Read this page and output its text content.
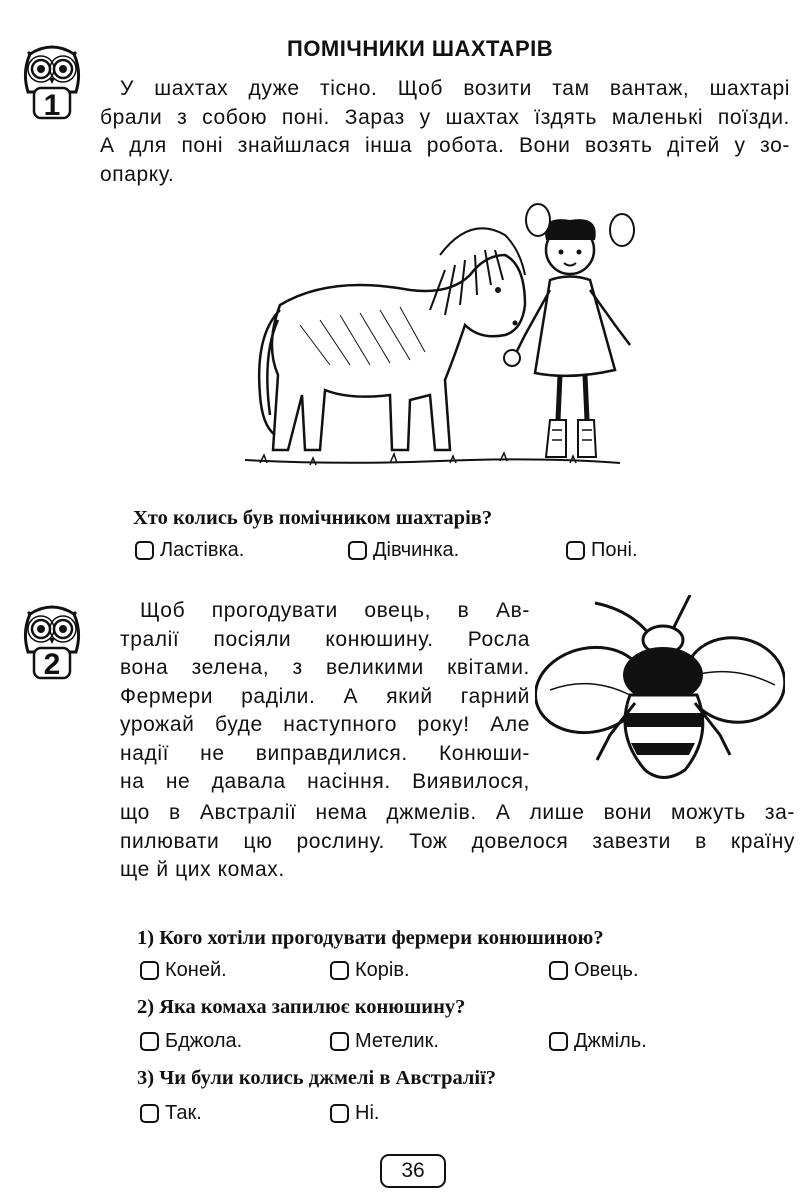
ПОМІЧНИКИ ШАХТАРІВ
1
У шахтах дуже тісно. Щоб возити там вантаж, шахтарі
брали з собою поні. Зараз у шахтах їздять маленькі поїзди.
А для поні знайшлася інша робота. Вони возять дітей у зо-
опарку.
Хто колись був помічником шахтарів?
Ластівка.	Дівчинка.	Поні.
2
Щоб прогодувати овець, в Ав-
тралії посіяли конюшину. Росла
вона зелена, з великими квітами.
Фермери раділи. А який гарний
урожай буде наступного року! Але
надії не виправдилися. Конюши-
на не давала насіння. Виявилося,
що в Австралії нема джмелів. А лише вони можуть за-
пилювати цю рослину. Тож довелося завезти в країну
ще й цих комах.
1) Кого хотіли прогодувати фермери конюшиною?
Коней.	Корів.	Овець.
2) Яка комаха запилює конюшину?
Бджола.	Метелик.	Джміль.
3) Чи були колись джмелі в Австралії?
Так.	Ні.
36
